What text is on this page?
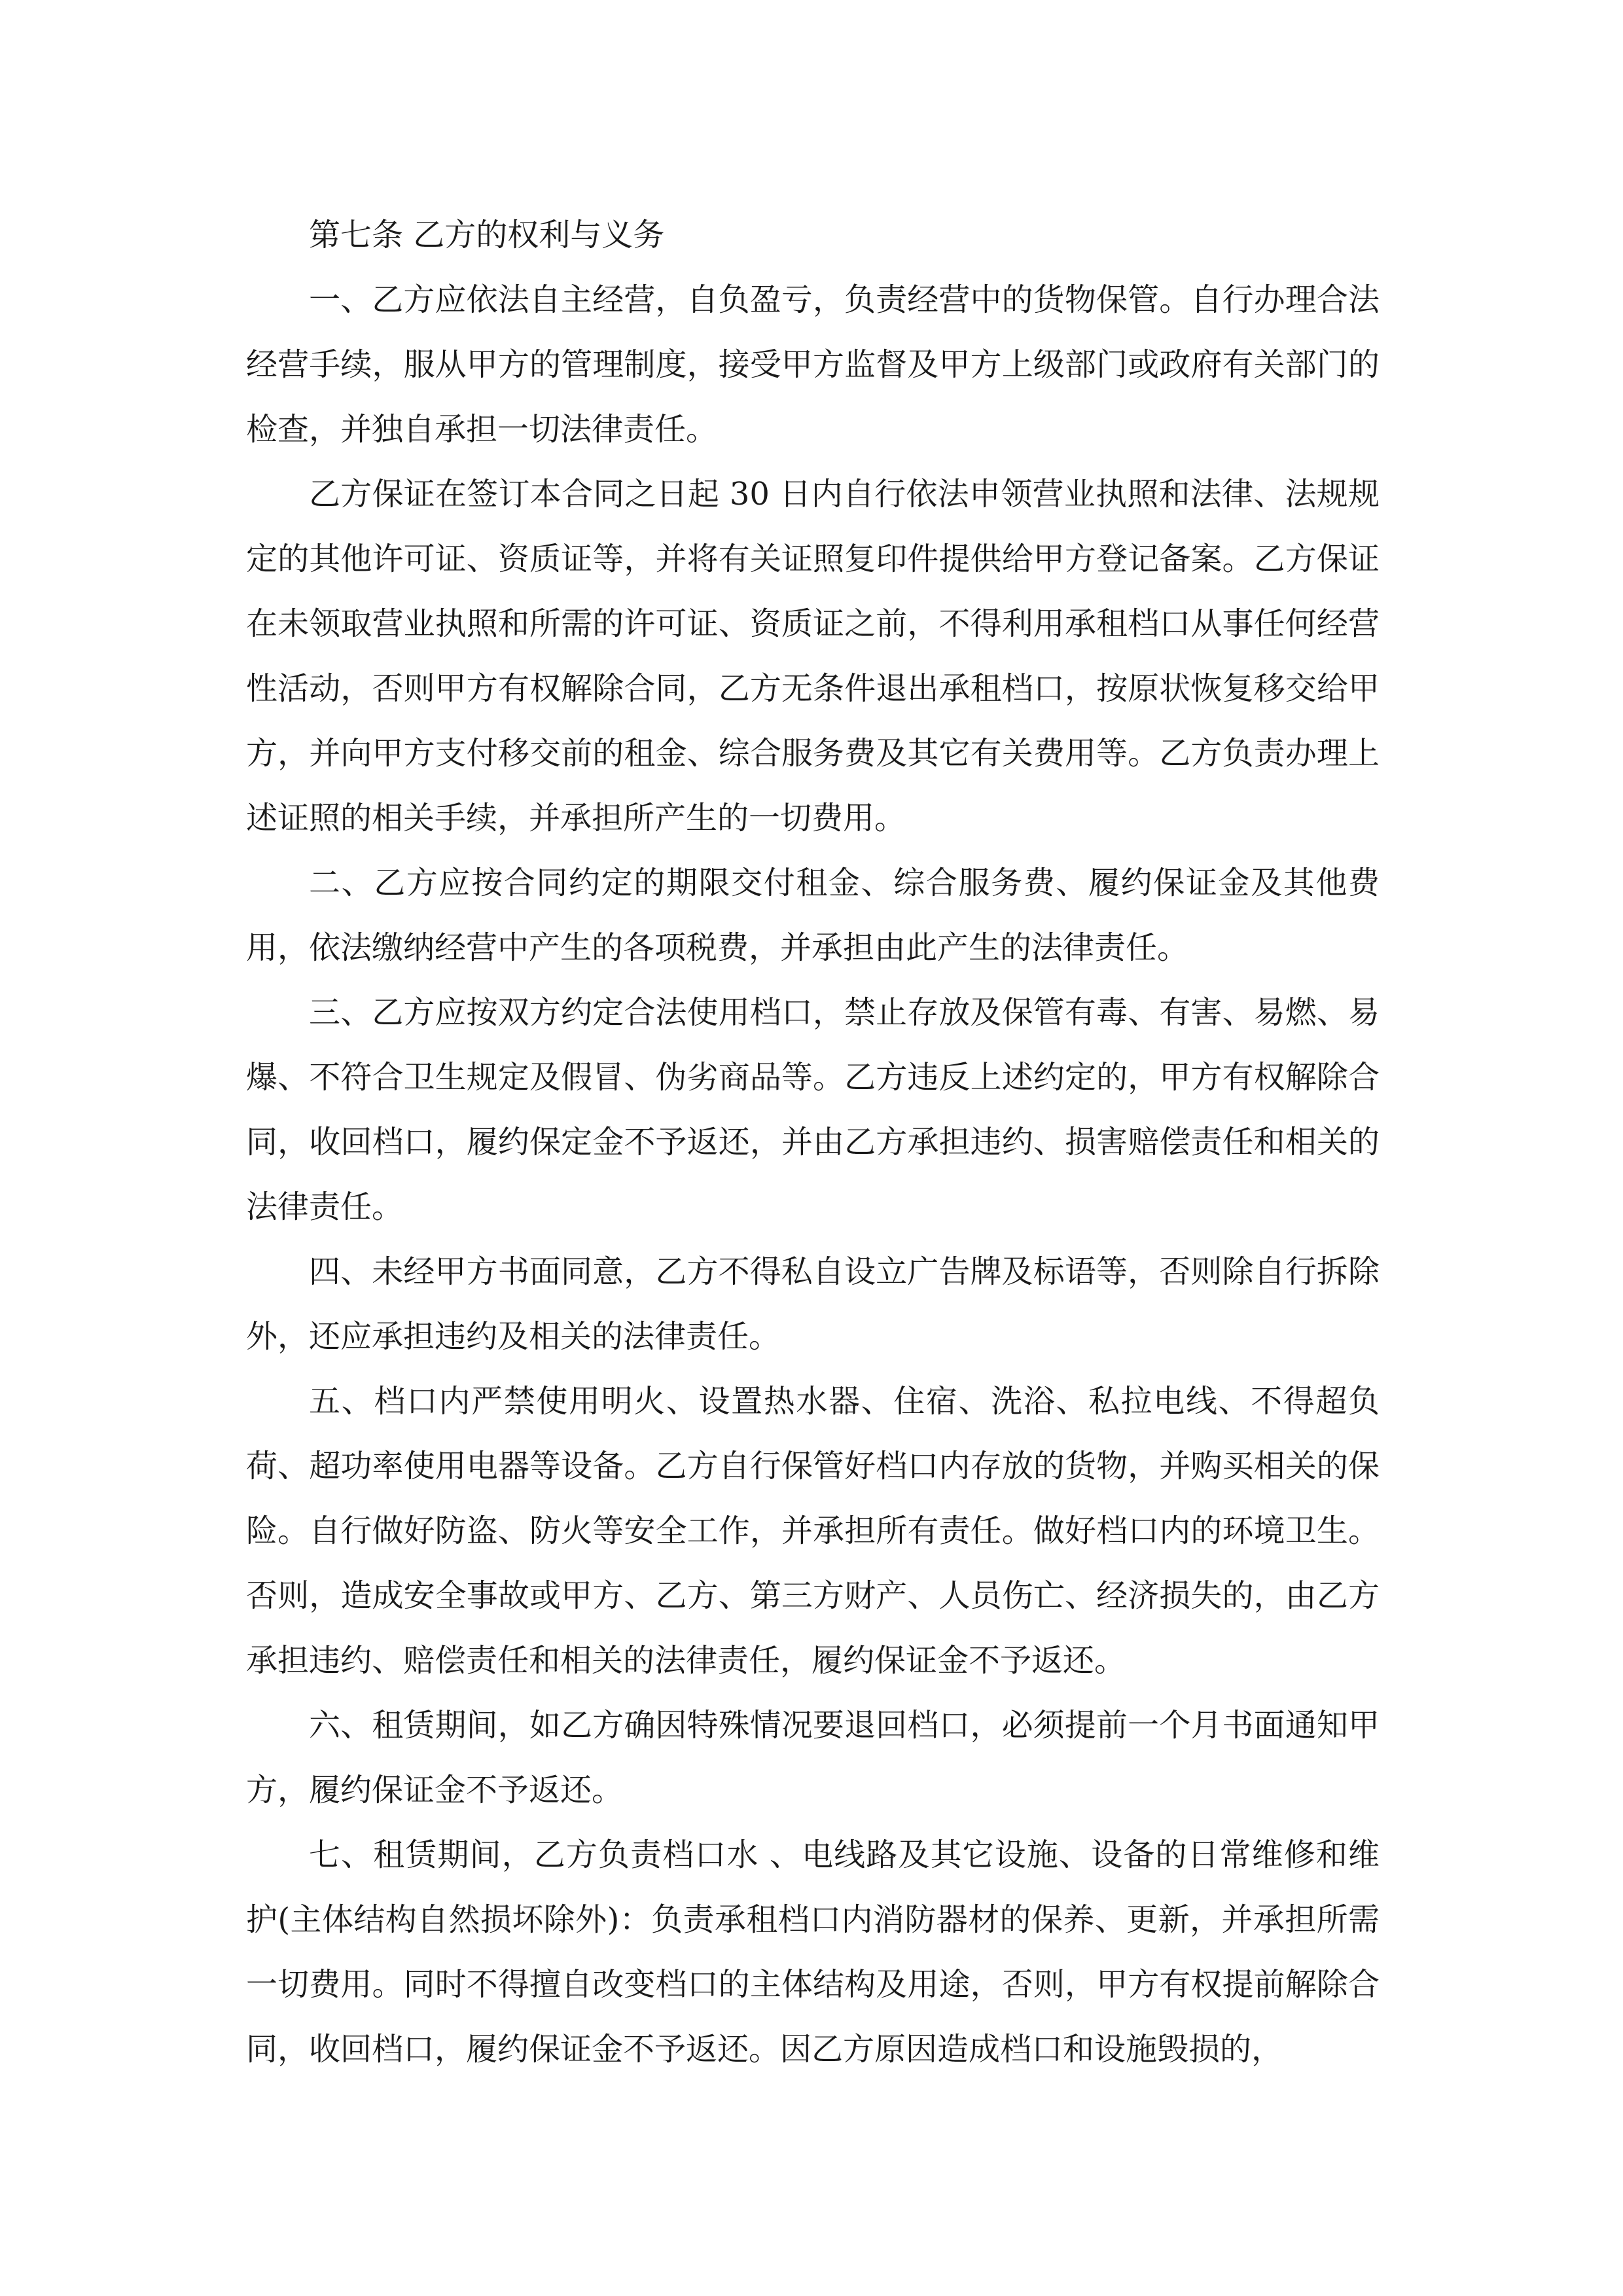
第七条 乙方的权利与义务

一、乙方应依法自主经营，自负盈亏，负责经营中的货物保管。自行办理合法经营手续，服从甲方的管理制度，接受甲方监督及甲方上级部门或政府有关部门的检查，并独自承担一切法律责任。

乙方保证在签订本合同之日起 30 日内自行依法申领营业执照和法律、法规规定的其他许可证、资质证等，并将有关证照复印件提供给甲方登记备案。乙方保证在未领取营业执照和所需的许可证、资质证之前，不得利用承租档口从事任何经营性活动，否则甲方有权解除合同，乙方无条件退出承租档口，按原状恢复移交给甲方，并向甲方支付移交前的租金、综合服务费及其它有关费用等。乙方负责办理上述证照的相关手续，并承担所产生的一切费用。

二、乙方应按合同约定的期限交付租金、综合服务费、履约保证金及其他费用，依法缴纳经营中产生的各项税费，并承担由此产生的法律责任。

三、乙方应按双方约定合法使用档口，禁止存放及保管有毒、有害、易燃、易爆、不符合卫生规定及假冒、伪劣商品等。乙方违反上述约定的，甲方有权解除合同，收回档口，履约保定金不予返还，并由乙方承担违约、损害赔偿责任和相关的法律责任。

四、未经甲方书面同意，乙方不得私自设立广告牌及标语等，否则除自行拆除外，还应承担违约及相关的法律责任。

五、档口内严禁使用明火、设置热水器、住宿、洗浴、私拉电线、不得超负荷、超功率使用电器等设备。乙方自行保管好档口内存放的货物，并购买相关的保险。自行做好防盗、防火等安全工作，并承担所有责任。做好档口内的环境卫生。否则，造成安全事故或甲方、乙方、第三方财产、人员伤亡、经济损失的，由乙方承担违约、赔偿责任和相关的法律责任，履约保证金不予返还。

六、租赁期间，如乙方确因特殊情况要退回档口，必须提前一个月书面通知甲方，履约保证金不予返还。

七、租赁期间，乙方负责档口水 、电线路及其它设施、设备的日常维修和维护(主体结构自然损坏除外)：负责承租档口内消防器材的保养、更新，并承担所需一切费用。同时不得擅自改变档口的主体结构及用途，否则，甲方有权提前解除合同，收回档口，履约保证金不予返还。因乙方原因造成档口和设施毁损的，
